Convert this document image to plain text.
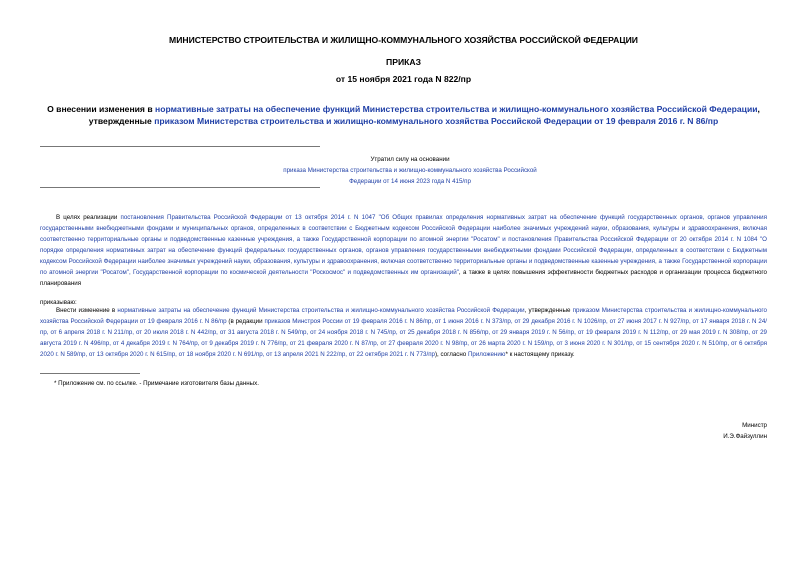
МИНИСТЕРСТВО СТРОИТЕЛЬСТВА И ЖИЛИЩНО-КОММУНАЛЬНОГО ХОЗЯЙСТВА РОССИЙСКОЙ ФЕДЕРАЦИИ
ПРИКАЗ
от 15 ноября 2021 года N 822/пр
О внесении изменения в нормативные затраты на обеспечение функций Министерства строительства и жилищно-коммунального хозяйства Российской Федерации, утвержденные приказом Министерства строительства и жилищно-коммунального хозяйства Российской Федерации от 19 февраля 2016 г. N 86/пр
Утратил силу на основании
приказа Министерства строительства и жилищно-коммунального хозяйства Российской Федерации от 14 июня 2023 года N 415/пр
В целях реализации постановления Правительства Российской Федерации от 13 октября 2014 г. N 1047 "Об Общих правилах определения нормативных затрат на обеспечение функций государственных органов, органов управления государственными внебюджетными фондами и муниципальных органов, определенных в соответствии с Бюджетным кодексом Российской Федерации наиболее значимых учреждений науки, образования, культуры и здравоохранения, включая соответственно территориальные органы и подведомственные казенные учреждения, а также Государственной корпорации по атомной энергии "Росатом" и постановления Правительства Российской Федерации от 20 октября 2014 г. N 1084 "О порядке определения нормативных затрат на обеспечение функций федеральных государственных органов, органов управления государственными внебюджетными фондами Российской Федерации, определенных в соответствии с Бюджетным кодексом Российской Федерации наиболее значимых учреждений науки, образования, культуры и здравоохранения, включая соответственно территориальные органы и подведомственные казенные учреждения, а также Государственной корпорации по атомной энергии "Росатом", Государственной корпорации по космической деятельности "Роскосмос" и подведомственных им организаций", а также в целях повышения эффективности бюджетных расходов и организации процесса бюджетного планирования
приказываю:
Внести изменение в нормативные затраты на обеспечение функций Министерства строительства и жилищно-коммунального хозяйства Российской Федерации, утвержденные приказом Министерства строительства и жилищно-коммунального хозяйства Российской Федерации от 19 февраля 2016 г. N 86/пр (в редакции приказов Минстроя России от 19 февраля 2016 г. N 86/пр, от 1 июня 2016 г. N 373/пр, от 29 декабря 2016 г. N 1026/пр, от 27 июня 2017 г. N 927/пр, от 17 января 2018 г. N 24/пр, от 6 апреля 2018 г. N 211/пр, от 20 июля 2018 г. N 442/пр, от 31 августа 2018 г. N 549/пр, от 24 ноября 2018 г. N 745/пр, от 25 декабря 2018 г. N 856/пр, от 29 января 2019 г. N 56/пр, от 19 февраля 2019 г. N 112/пр, от 29 мая 2019 г. N 308/пр, от 29 августа 2019 г. N 496/пр, от 4 декабря 2019 г. N 764/пр, от 9 декабря 2019 г. N 776/пр, от 21 февраля 2020 г. N 87/пр, от 27 февраля 2020 г. N 98/пр, от 26 марта 2020 г. N 159/пр, от 3 июня 2020 г. N 301/пр, от 15 сентября 2020 г. N 510/пр, от 6 октября 2020 г. N 589/пр, от 13 октября 2020 г. N 615/пр, от 18 ноября 2020 г. N 691/пр, от 13 апреля 2021 N 222/пр, от 22 октября 2021 г. N 773/пр), согласно Приложению* к настоящему приказу.
* Приложение см. по ссылке. - Примечание изготовителя базы данных.
Министр
И.Э.Файзуллин
